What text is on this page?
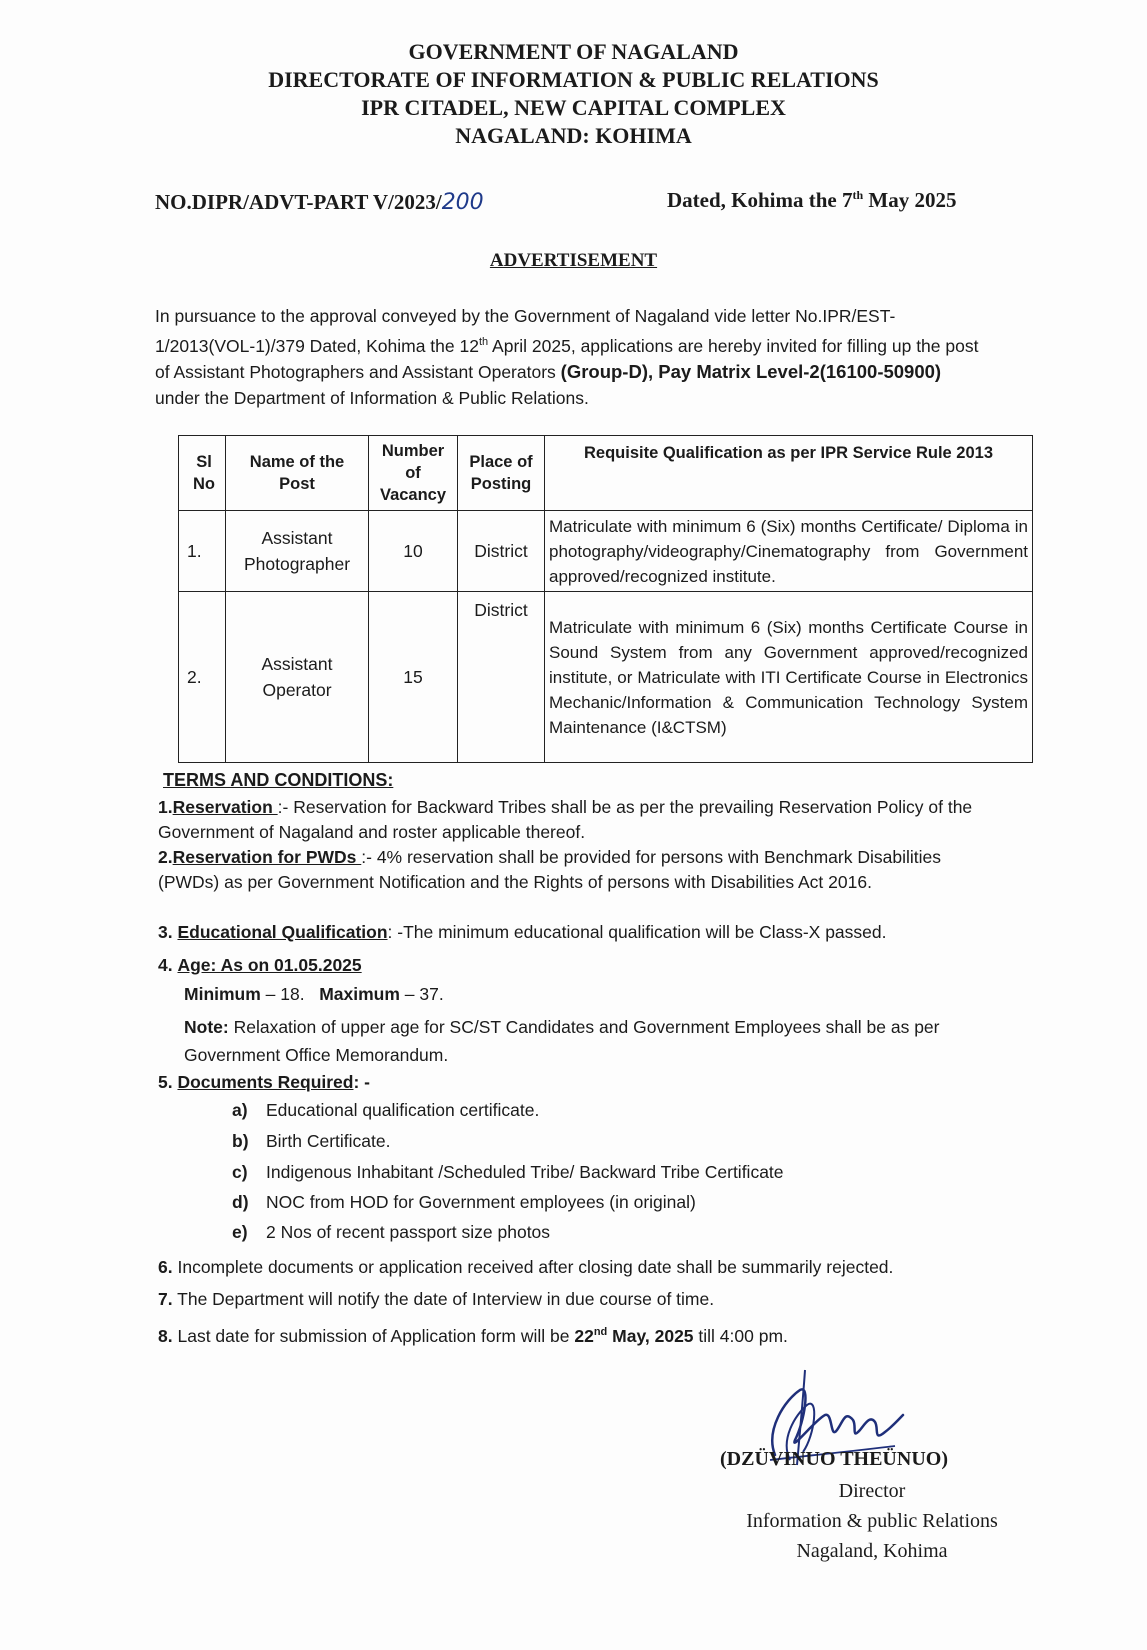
GOVERNMENT OF NAGALAND
DIRECTORATE OF INFORMATION & PUBLIC RELATIONS
IPR CITADEL, NEW CAPITAL COMPLEX
NAGALAND: KOHIMA
NO.DIPR/ADVT-PART V/2023/200	Dated, Kohima the 7th May 2025
ADVERTISEMENT
In pursuance to the approval conveyed by the Government of Nagaland vide letter No.IPR/EST-1/2013(VOL-1)/379 Dated, Kohima the 12th April 2025, applications are hereby invited for filling up the post of Assistant Photographers and Assistant Operators (Group-D), Pay Matrix Level-2(16100-50900) under the Department of Information & Public Relations.
Sl No	Name of the Post	Number of Vacancy	Place of Posting	Requisite Qualification as per IPR Service Rule 2013
1.	Assistant Photographer	10	District	Matriculate with minimum 6 (Six) months Certificate/ Diploma in photography/videography/Cinematography from Government approved/recognized institute.
2.	Assistant Operator	15	District	Matriculate with minimum 6 (Six) months Certificate Course in Sound System from any Government approved/recognized institute, or Matriculate with ITI Certificate Course in Electronics Mechanic/Information & Communication Technology System Maintenance (I&CTSM)
TERMS AND CONDITIONS:
1.Reservation :- Reservation for Backward Tribes shall be as per the prevailing Reservation Policy of the Government of Nagaland and roster applicable thereof.
2.Reservation for PWDs :- 4% reservation shall be provided for persons with Benchmark Disabilities (PWDs) as per Government Notification and the Rights of persons with Disabilities Act 2016.
3. Educational Qualification: -The minimum educational qualification will be Class-X passed.
4. Age: As on 01.05.2025
Minimum – 18. Maximum – 37.
Note: Relaxation of upper age for SC/ST Candidates and Government Employees shall be as per Government Office Memorandum.
5. Documents Required: -
a) Educational qualification certificate.
b) Birth Certificate.
c) Indigenous Inhabitant /Scheduled Tribe/ Backward Tribe Certificate
d) NOC from HOD for Government employees (in original)
e) 2 Nos of recent passport size photos
6. Incomplete documents or application received after closing date shall be summarily rejected.
7. The Department will notify the date of Interview in due course of time.
8. Last date for submission of Application form will be 22nd May, 2025 till 4:00 pm.
(DZÜVINUO THEÜNUO)
Director
Information & public Relations
Nagaland, Kohima
